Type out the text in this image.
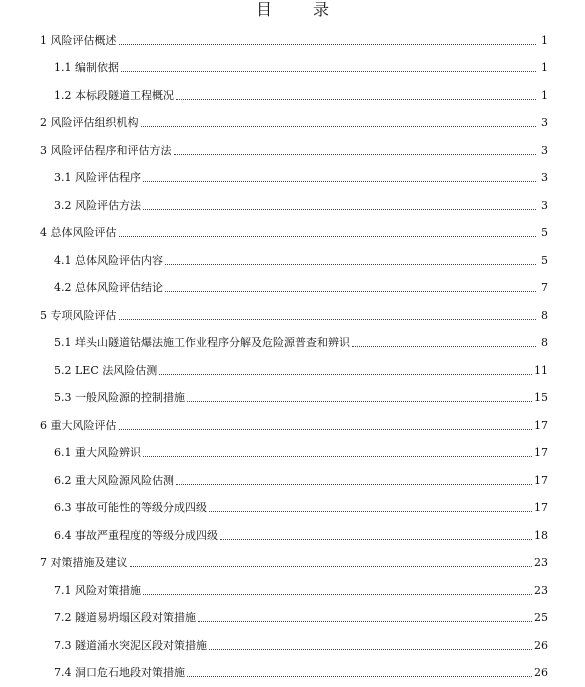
目 录
1 风险评估概述	1
1.1 编制依据	1
1.2 本标段隧道工程概况	1
2 风险评估组织机构	3
3 风险评估程序和评估方法	3
3.1 风险评估程序	3
3.2 风险评估方法	3
4 总体风险评估	5
4.1 总体风险评估内容	5
4.2 总体风险评估结论	7
5 专项风险评估	8
5.1 垟头山隧道钻爆法施工作业程序分解及危险源普查和辨识	8
5.2 LEC 法风险估测	11
5.3 一般风险源的控制措施	15
6 重大风险评估	17
6.1 重大风险辨识	17
6.2 重大风险源风险估测	17
6.3 事故可能性的等级分成四级	17
6.4 事故严重程度的等级分成四级	18
7 对策措施及建议	23
7.1 风险对策措施	23
7.2 隧道易坍塌区段对策措施	25
7.3 隧道涌水突泥区段对策措施	26
7.4 洞口危石地段对策措施	26
